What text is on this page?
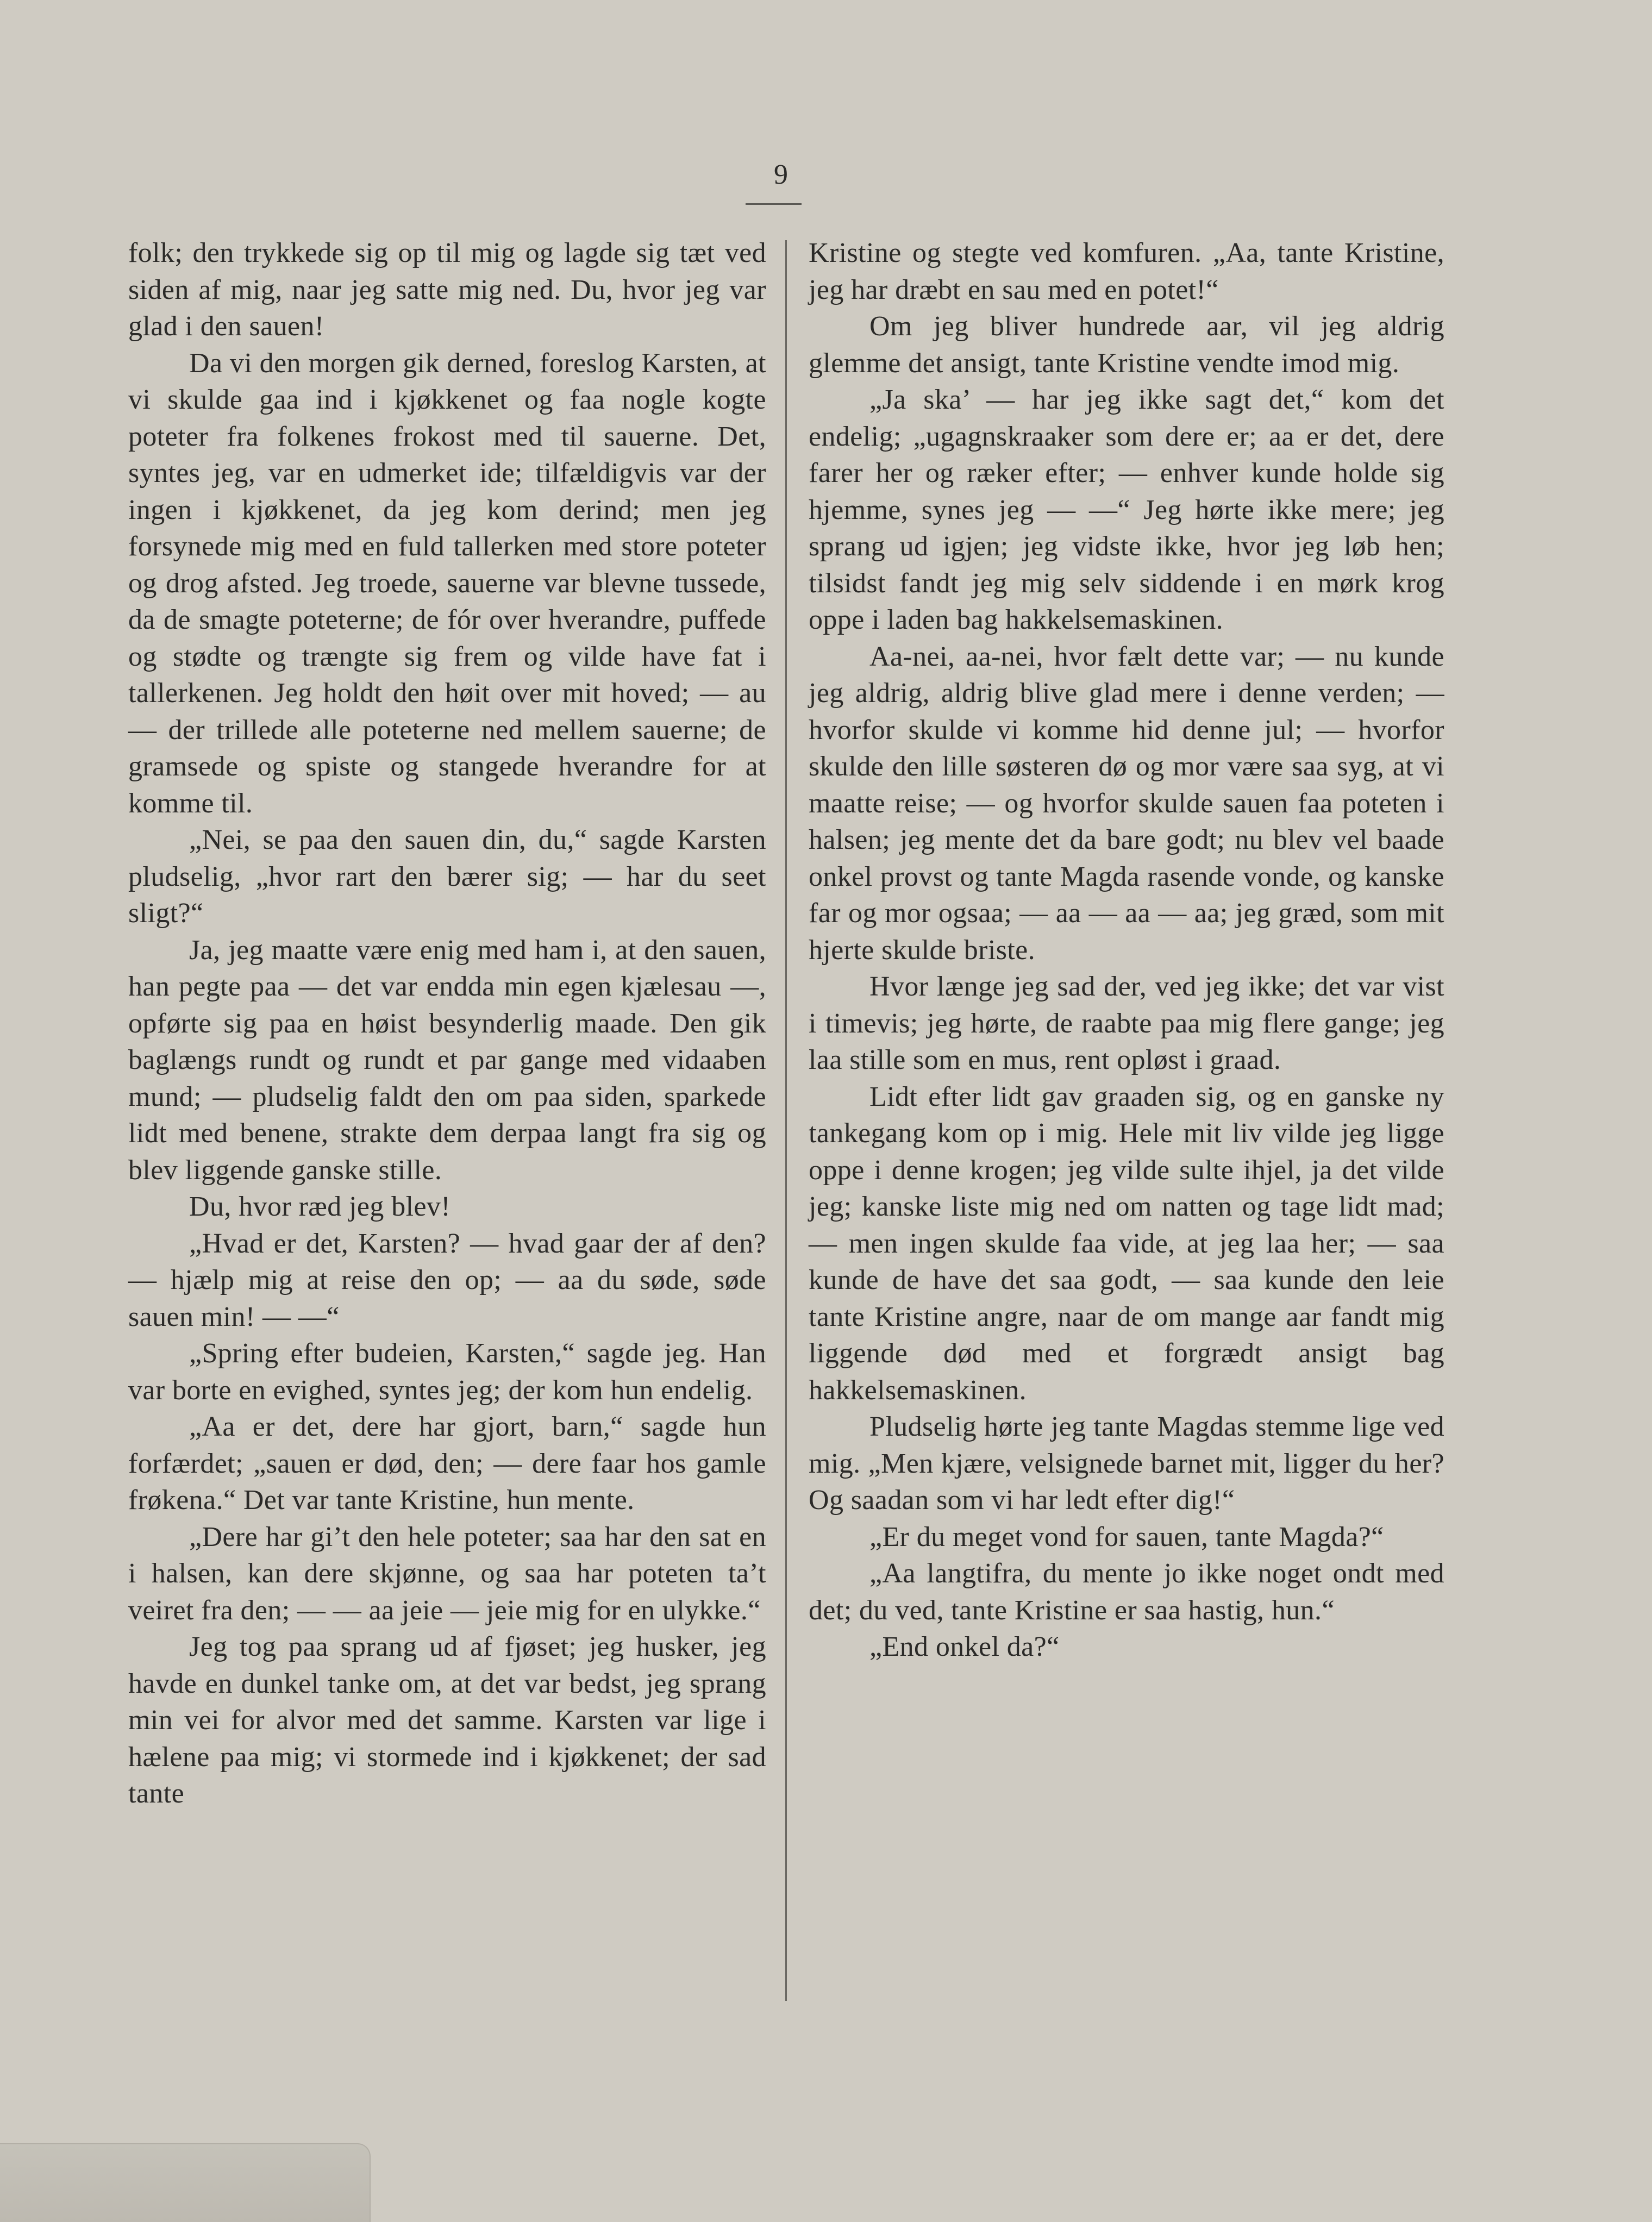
9

folk; den trykkede sig op til mig og lagde sig tæt ved siden af mig, naar jeg satte mig ned. Du, hvor jeg var glad i den sauen!

Da vi den morgen gik derned, foreslog Karsten, at vi skulde gaa ind i kjøkkenet og faa nogle kogte poteter fra folkenes frokost med til sauerne. Det, syntes jeg, var en udmerket ide; tilfældigvis var der ingen i kjøkkenet, da jeg kom derind; men jeg forsynede mig med en fuld tallerken med store poteter og drog afsted. Jeg troede, sauerne var blevne tussede, da de smagte poteterne; de fór over hverandre, puffede og stødte og trængte sig frem og vilde have fat i tallerkenen. Jeg holdt den høit over mit hoved; — au — der trillede alle poteterne ned mellem sauerne; de gramsede og spiste og stangede hverandre for at komme til.

„Nei, se paa den sauen din, du,“ sagde Karsten pludselig, „hvor rart den bærer sig; — har du seet sligt?“

Ja, jeg maatte være enig med ham i, at den sauen, han pegte paa — det var endda min egen kjælesau —, opførte sig paa en høist besynderlig maade. Den gik baglængs rundt og rundt et par gange med vidaaben mund; — pludselig faldt den om paa siden, sparkede lidt med benene, strakte dem derpaa langt fra sig og blev liggende ganske stille.

Du, hvor ræd jeg blev!

„Hvad er det, Karsten? — hvad gaar der af den? — hjælp mig at reise den op; — aa du søde, søde sauen min! — —“

„Spring efter budeien, Karsten,“ sagde jeg. Han var borte en evighed, syntes jeg; der kom hun endelig.

„Aa er det, dere har gjort, barn,“ sagde hun forfærdet; „sauen er død, den; — dere faar hos gamle frøkena.“ Det var tante Kristine, hun mente.

„Dere har gi’t den hele poteter; saa har den sat en i halsen, kan dere skjønne, og saa har poteten ta’t veiret fra den; — — aa jeie — jeie mig for en ulykke.“

Jeg tog paa sprang ud af fjøset; jeg husker, jeg havde en dunkel tanke om, at det var bedst, jeg sprang min vei for alvor med det samme. Karsten var lige i hælene paa mig; vi stormede ind i kjøkkenet; der sad tante

Kristine og stegte ved komfuren. „Aa, tante Kristine, jeg har dræbt en sau med en potet!“

Om jeg bliver hundrede aar, vil jeg aldrig glemme det ansigt, tante Kristine vendte imod mig.

„Ja ska’ — har jeg ikke sagt det,“ kom det endelig; „ugagnskraaker som dere er; aa er det, dere farer her og ræker efter; — enhver kunde holde sig hjemme, synes jeg — —“ Jeg hørte ikke mere; jeg sprang ud igjen; jeg vidste ikke, hvor jeg løb hen; tilsidst fandt jeg mig selv siddende i en mørk krog oppe i laden bag hakkelsemaskinen.

Aa-nei, aa-nei, hvor fælt dette var; — nu kunde jeg aldrig, aldrig blive glad mere i denne verden; — hvorfor skulde vi komme hid denne jul; — hvorfor skulde den lille søsteren dø og mor være saa syg, at vi maatte reise; — og hvorfor skulde sauen faa poteten i halsen; jeg mente det da bare godt; nu blev vel baade onkel provst og tante Magda rasende vonde, og kanske far og mor ogsaa; — aa — aa — aa; jeg græd, som mit hjerte skulde briste.

Hvor længe jeg sad der, ved jeg ikke; det var vist i timevis; jeg hørte, de raabte paa mig flere gange; jeg laa stille som en mus, rent opløst i graad.

Lidt efter lidt gav graaden sig, og en ganske ny tankegang kom op i mig. Hele mit liv vilde jeg ligge oppe i denne krogen; jeg vilde sulte ihjel, ja det vilde jeg; kanske liste mig ned om natten og tage lidt mad; — men ingen skulde faa vide, at jeg laa her; — saa kunde de have det saa godt, — saa kunde den leie tante Kristine angre, naar de om mange aar fandt mig liggende død med et forgrædt ansigt bag hakkelsemaskinen.

Pludselig hørte jeg tante Magdas stemme lige ved mig. „Men kjære, velsignede barnet mit, ligger du her? Og saadan som vi har ledt efter dig!“

„Er du meget vond for sauen, tante Magda?“

„Aa langtifra, du mente jo ikke noget ondt med det; du ved, tante Kristine er saa hastig, hun.“

„End onkel da?“
